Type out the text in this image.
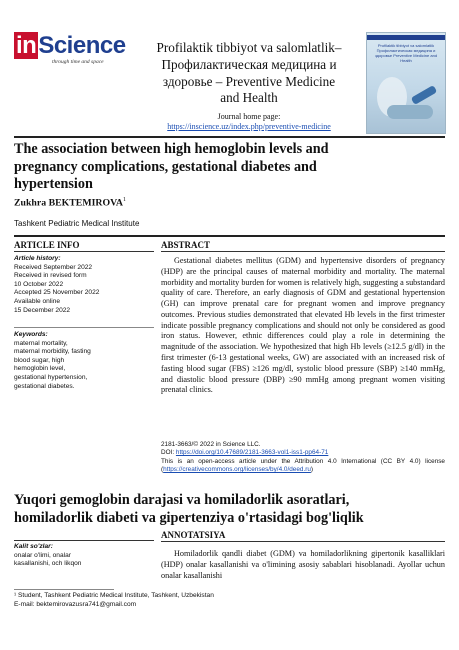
inScience
through time and space
Profilaktik tibbiyot va salomlatlik–
Профилактическая медицина и
здоровье – Preventive Medicine
and Health
Journal home page:
https://inscience.uz/index.php/preventive-medicine
Profilaktik tibbiyot va salomlatlik Профилактическая медицина и здоровье Preventive Medicine and Health
The association between high hemoglobin levels and
pregnancy complications, gestational diabetes and
hypertension
Zukhra BEKTEMIROVA$^1$
Tashkent Pediatric Medical Institute
ARTICLE INFO
Article history:
Received September 2022
Received in revised form
10 October 2022
Accepted 25 November 2022
Available online
15 December 2022
Keywords:
maternal mortality,
maternal morbidity, fasting
blood sugar, high
hemoglobin level,
gestational hypertension,
gestational diabetes.
ABSTRACT
Gestational diabetes mellitus (GDM) and hypertensive disorders of pregnancy (HDP) are the principal causes of maternal morbidity and mortality. The maternal morbidity and mortality burden for women is relatively high, suggesting a substandard quality of care. Therefore, an early diagnosis of GDM and gestational hypertension (GH) can improve prenatal care for pregnant women and improve pregnancy outcomes. Previous studies demonstrated that elevated Hb levels in the first trimester indicate possible pregnancy complications and should not only be considered as good iron status. However, ethnic differences could play a role in determining the magnitude of the association. We hypothesized that high Hb levels (≥12.5 g/dl) in the first trimester (6-13 gestational weeks, GW) are associated with an increased risk of fasting blood sugar (FBS) ≥126 mg/dl, systolic blood pressure (SBP) ≥140 mmHg, and diastolic blood pressure (DBP) ≥90 mmHg among pregnant women visiting prenatal clinics.
2181-3663/© 2022 in Science LLC.
DOI: https://doi.org/10.47689/2181-3663-vol1-iss1-pp64-71
This is an open-access article under the Attribution 4.0 International (CC BY 4.0) license (https://creativecommons.org/licenses/by/4.0/deed.ru)
Yuqori gemoglobin darajasi va homiladorlik asoratlari,
homiladorlik diabeti va gipertenziya o'rtasidagi bog'liqlik
Kalit so'zlar:
onalar o'limi, onalar
kasallanishi, och likqon
ANNOTATSIYA
Homiladorlik qandli diabet (GDM) va homiladorlikning gipertonik kasalliklari (HDP) onalar kasallanishi va o'limining asosiy sabablari hisoblanadi. Ayollar uchun onalar kasallanishi
¹ Student, Tashkent Pediatric Medical Institute, Tashkent, Uzbekistan
E-mail: bektemirovazusra741@gmail.com
